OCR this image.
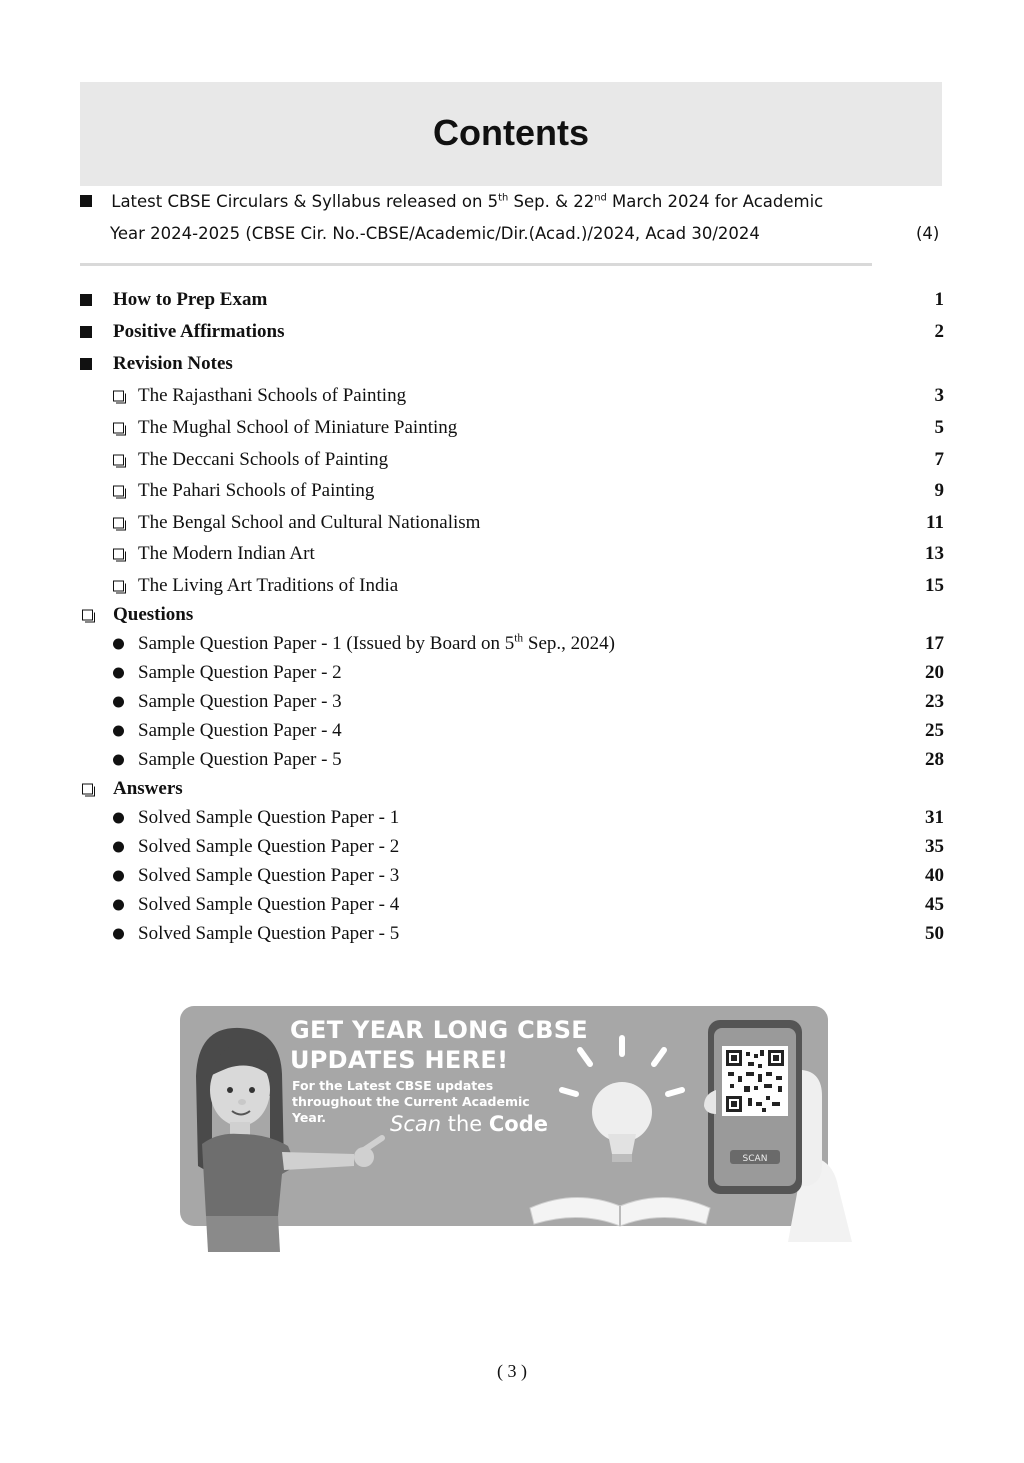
Contents
Latest CBSE Circulars & Syllabus released on 5th Sep. & 22nd March 2024 for Academic
Year 2024-2025 (CBSE Cir. No.-CBSE/Academic/Dir.(Acad.)/2024, Acad 30/2024	(4)
How to Prep Exam	1
Positive Affirmations	2
Revision Notes
The Rajasthani Schools of Painting	3
The Mughal School of Miniature Painting	5
The Deccani Schools of Painting	7
The Pahari Schools of Painting	9
The Bengal School and Cultural Nationalism	11
The Modern Indian Art	13
The Living Art Traditions of India	15
Questions
Sample Question Paper - 1 (Issued by Board on 5th Sep., 2024)	17
Sample Question Paper - 2	20
Sample Question Paper - 3	23
Sample Question Paper - 4	25
Sample Question Paper - 5	28
Answers
Solved Sample Question Paper - 1	31
Solved Sample Question Paper - 2	35
Solved Sample Question Paper - 3	40
Solved Sample Question Paper - 4	45
Solved Sample Question Paper - 5	50
GET YEAR LONG CBSE
UPDATES HERE!
For the Latest CBSE updates
throughout the Current Academic
Year.	Scan the Code
SCAN
( 3 )
